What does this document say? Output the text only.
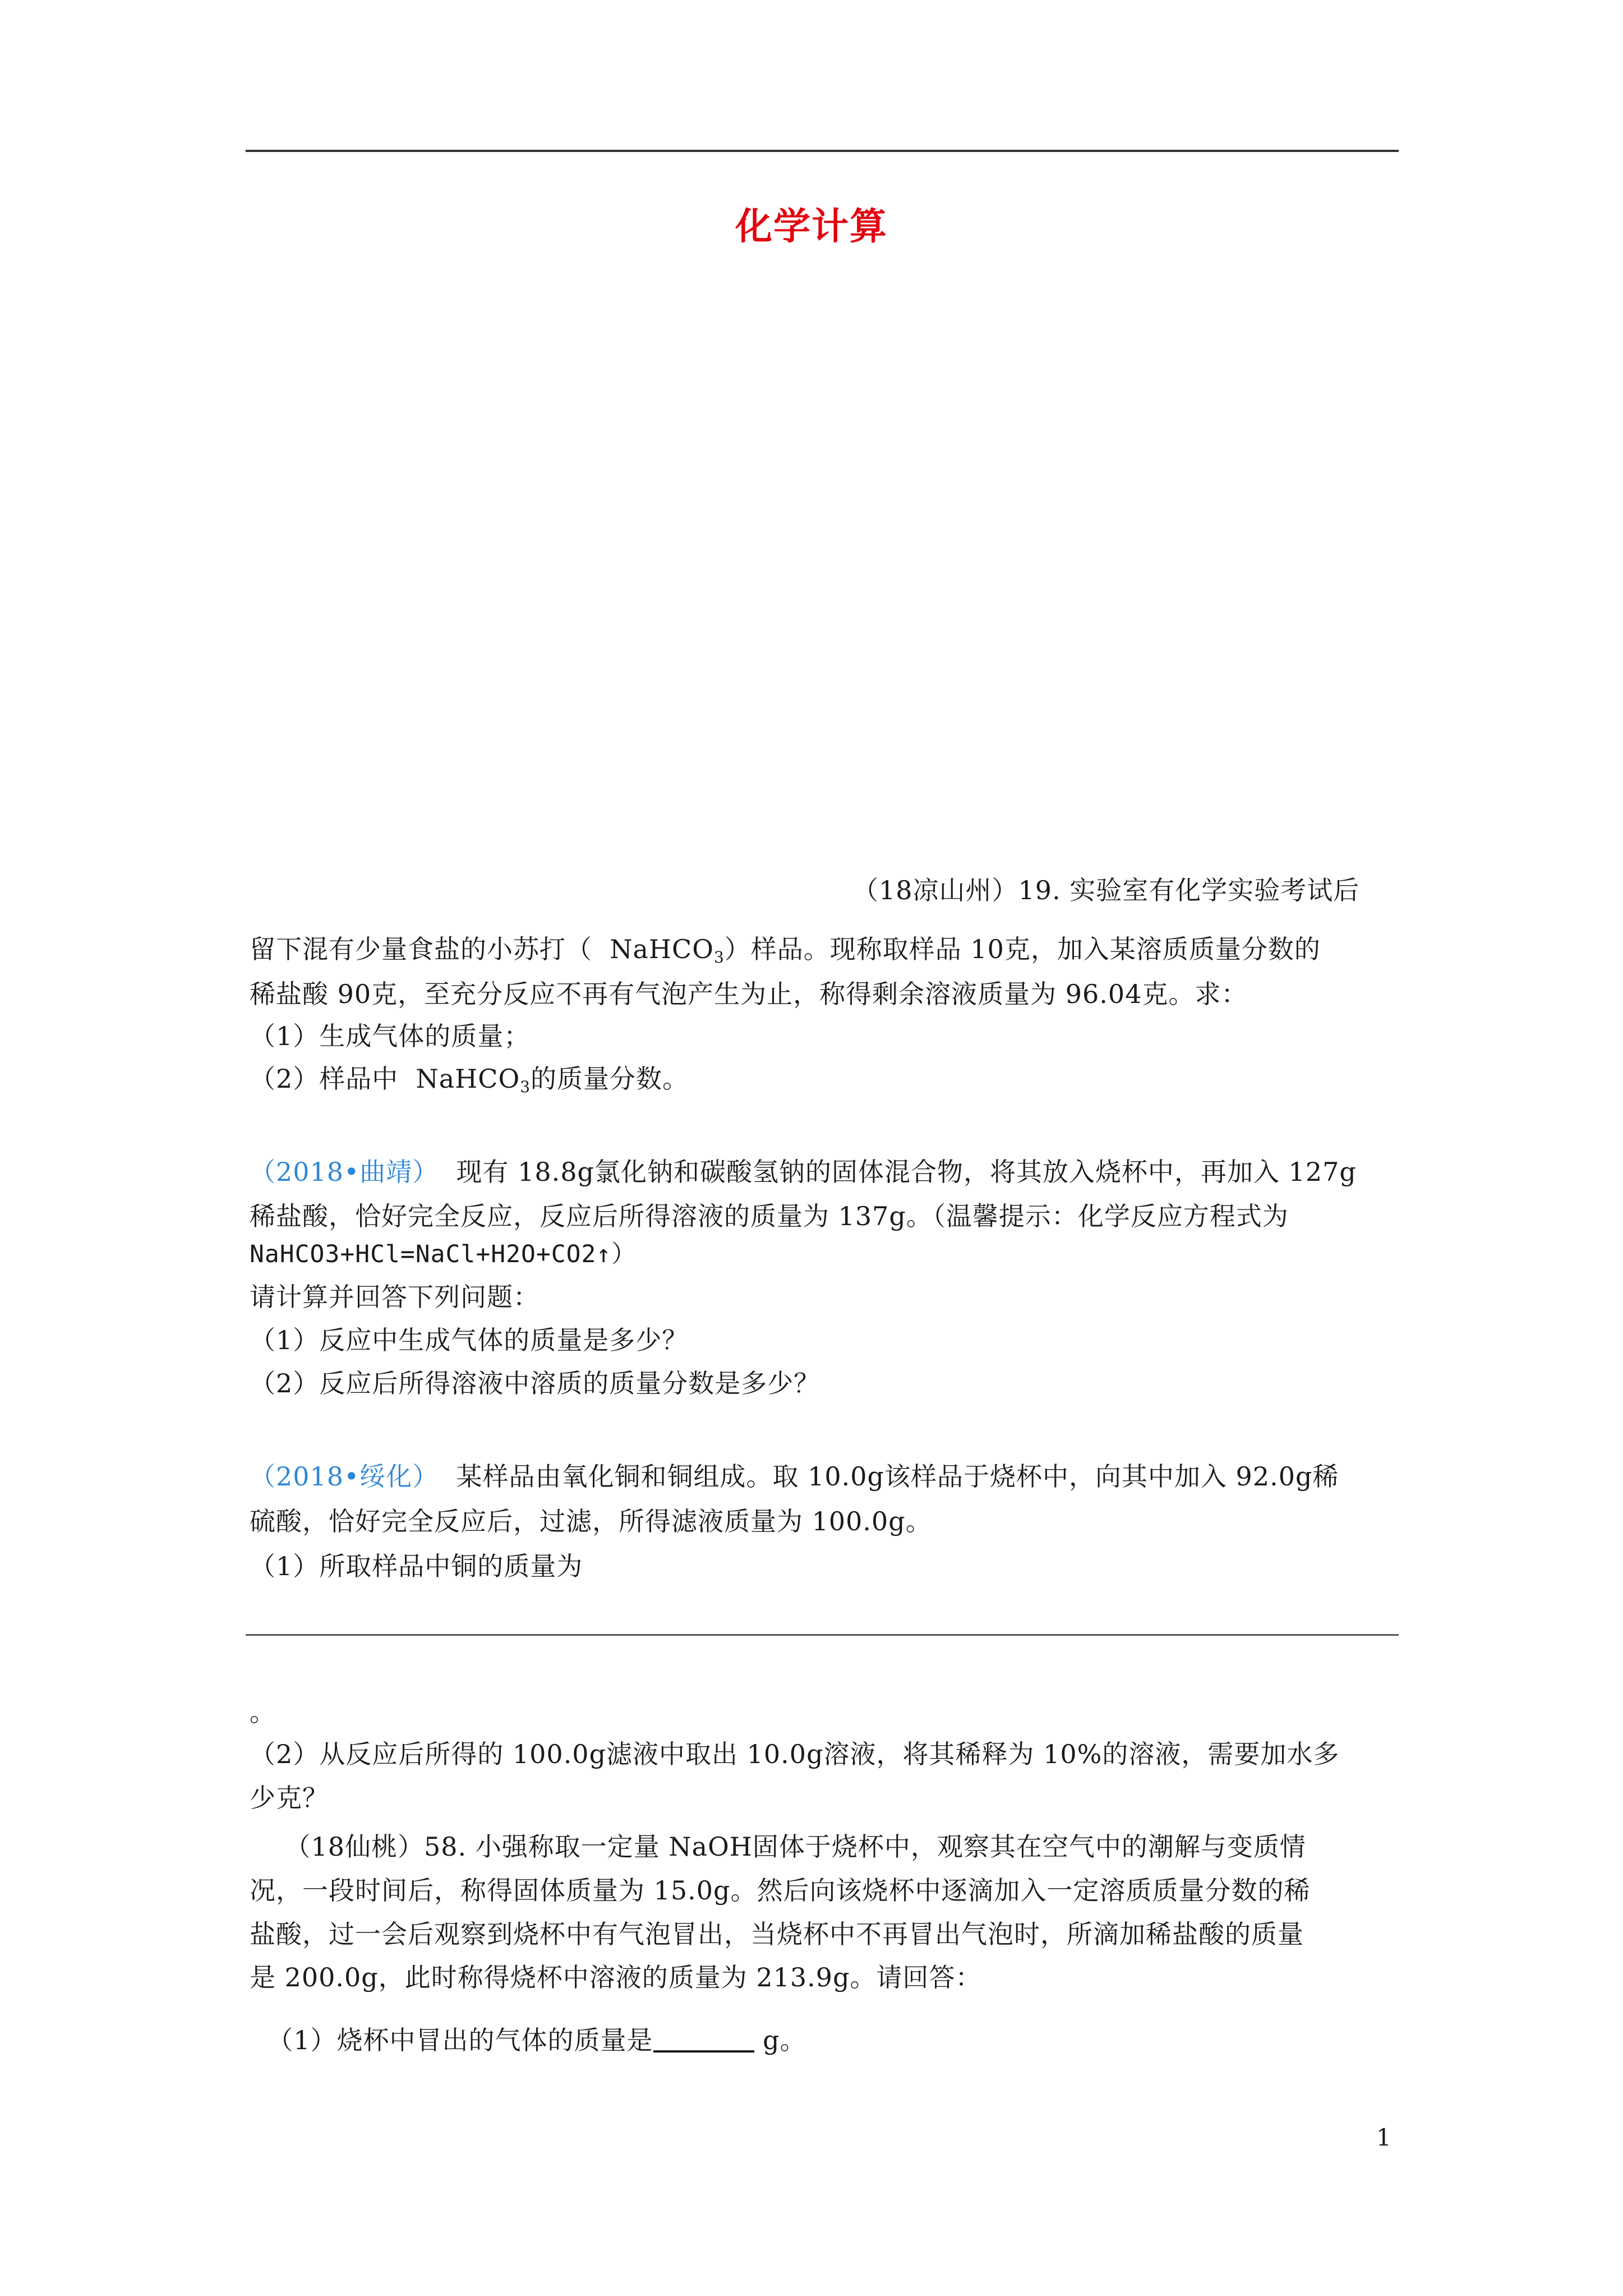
化学计算
（18凉山州）19. 实验室有化学实验考试后
留下混有少量食盐的小苏打（  NaHCO$_3$）样品。现称取样品 10克，加入某溶质质量分数的
稀盐酸 90克，至充分反应不再有气泡产生为止，称得剩余溶液质量为 96.04克。求：
（1）生成气体的质量；
（2）样品中  NaHCO$_3$的质量分数。
（2018•曲靖）  现有 18.8g氯化钠和碳酸氢钠的固体混合物，将其放入烧杯中，再加入 127g
稀盐酸，恰好完全反应，反应后所得溶液的质量为 137g。（温馨提示：化学反应方程式为
NaHCO3+HCl=NaCl+H2O+CO2↑）
请计算并回答下列问题：
（1）反应中生成气体的质量是多少？
（2）反应后所得溶液中溶质的质量分数是多少？
（2018•绥化）  某样品由氧化铜和铜组成。取 10.0g该样品于烧杯中，向其中加入 92.0g稀
硫酸，恰好完全反应后，过滤，所得滤液质量为 100.0g。
（1）所取样品中铜的质量为
。
（2）从反应后所得的 100.0g滤液中取出 10.0g溶液，将其稀释为 10%的溶液，需要加水多
少克？
（18仙桃）58. 小强称取一定量 NaOH固体于烧杯中，观察其在空气中的潮解与变质情
况，一段时间后，称得固体质量为 15.0g。然后向该烧杯中逐滴加入一定溶质质量分数的稀
盐酸，过一会后观察到烧杯中有气泡冒出，当烧杯中不再冒出气泡时，所滴加稀盐酸的质量
是 200.0g，此时称得烧杯中溶液的质量为 213.9g。请回答：
（1）烧杯中冒出的气体的质量是	g。
1
